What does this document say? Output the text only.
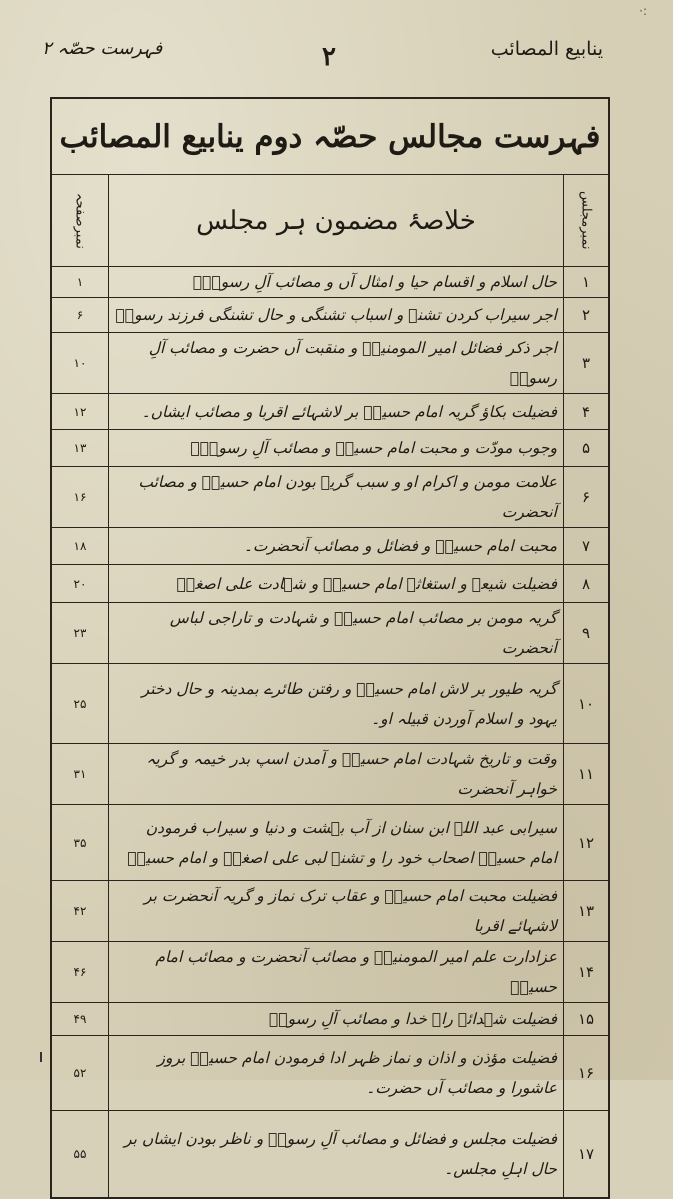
·:
ینابیع المصائب
۲
فہرست حصّہ ۲
فہرست مجالس حصّہ دوم ینابیع المصائب		
نمبرمجلس	خلاصۂ مضمون ہر مجلس	نمبرصفحہ
۱	حال اسلام و اقسام حیا و امثال آں و مصائب آلِ رسولؐ۔	۱
۲	اجر سیراب کردن تشنہ و اسباب تشنگی و حال تشنگی فرزند رسولؐ	۶
۳	اجر ذکر فضائل امیر المومنینؑ و منقبت آں حضرت و مصائب آلِ رسولؐ	۱۰
۴	فضیلت بکاؤ گریہ امام حسینؑ بر لاشہائے اقربا و مصائب ایشاں۔	۱۲
۵	وجوب مودّت و محبت امام حسینؑ و مصائب آلِ رسولؐ۔	۱۳
۶	علامت مومن و اکرام او و سبب گریہ بودن امام حسینؑ و مصائب آنحضرت	۱۶
۷	محبت امام حسینؑ و فضائل و مصائب آنحضرت۔	۱۸
۸	فضیلت شیعہ و استغاثہ امام حسینؑ و شہادت علی اصغرؑ	۲۰
۹	گریہ مومن بر مصائب امام حسینؑ و شہادت و تاراجی لباس آنحضرت	۲۳
۱۰	گریہ طیور بر لاش امام حسینؑ و رفتن طائرے بمدینہ و حال دختر یہود و اسلام آوردن قبیلہ او۔	۲۵
۱۱	وقت و تاریخ شہادت امام حسینؑ و آمدن اسپ بدر خیمہ و گریہ خواہر آنحضرت	۳۱
۱۲	سیرابی عبد اللہ ابن سنان از آب بہشت و دنیا و سیراب فرمودن امام حسینؑ اصحاب خود را و تشنہ لبی علی اصغرؑ و امام حسینؑ	۳۵
۱۳	فضیلت محبت امام حسینؑ و عقاب ترک نماز و گریہ آنحضرت بر لاشہائے اقربا	۴۲
۱۴	عزادارت علم امیر المومنینؑ و مصائب آنحضرت و مصائب امام حسینؑ	۴۶
۱۵	فضیلت شہدائے راہ خدا و مصائب آلِ رسولؐ	۴۹
۱۶	فضیلت مؤذن و اذان و نماز ظہر ادا فرمودن امام حسینؑ بروز عاشورا و مصائب آں حضرت۔	۵۲
۱۷	فضیلت مجلس و فضائل و مصائب آلِ رسولؐ و ناظر بودن ایشاں بر حال اہلِ مجلس۔	۵۵
